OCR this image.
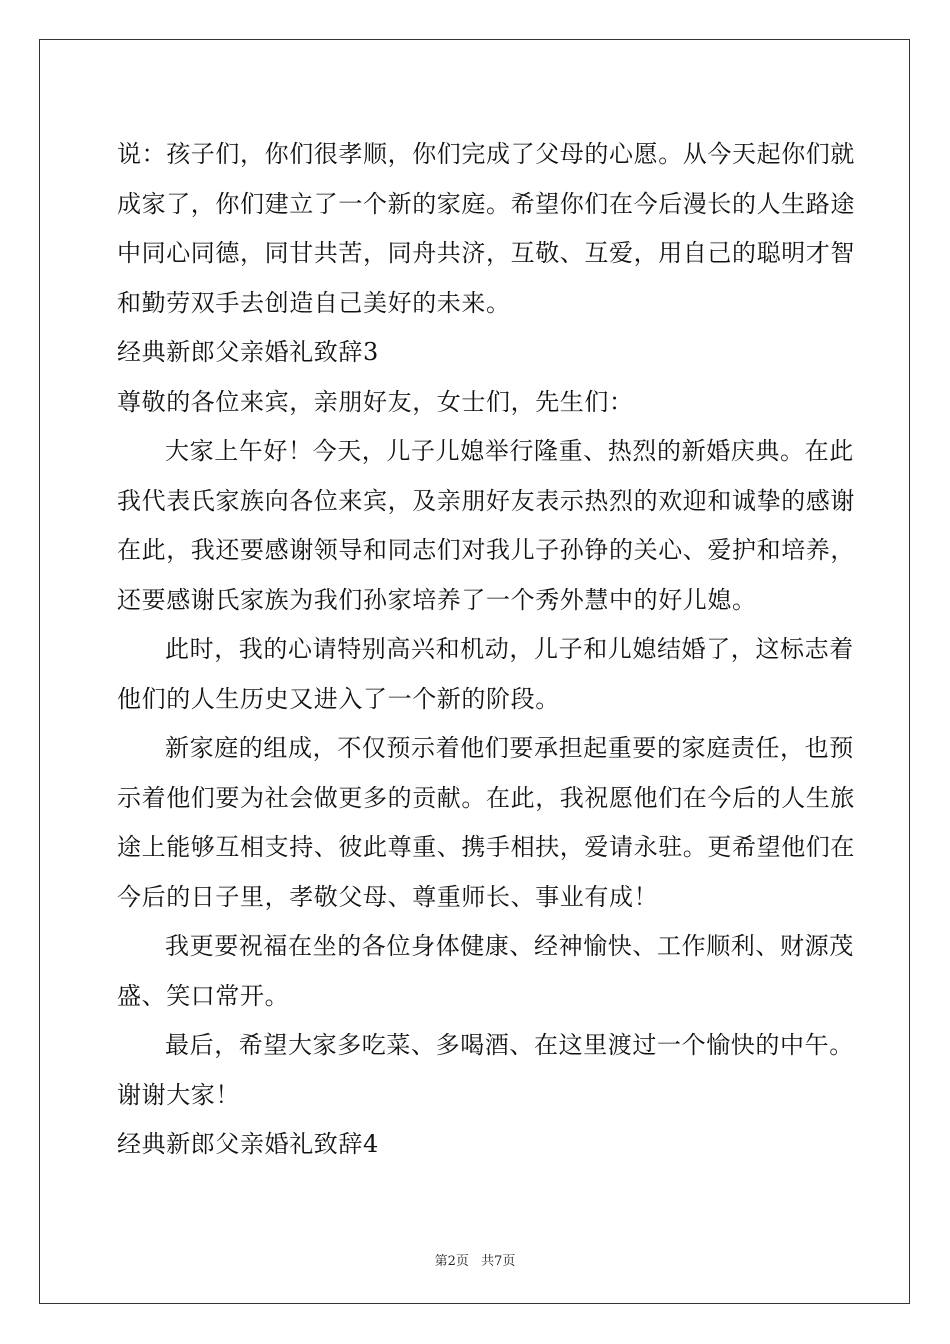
说：孩子们，你们很孝顺，你们完成了父母的心愿。从今天起你们就
成家了，你们建立了一个新的家庭。希望你们在今后漫长的人生路途
中同心同德，同甘共苦，同舟共济，互敬、互爱，用自己的聪明才智
和勤劳双手去创造自己美好的未来。
经典新郎父亲婚礼致辞3
尊敬的各位来宾，亲朋好友，女士们，先生们：
大家上午好！今天，儿子儿媳举行隆重、热烈的新婚庆典。在此
我代表氏家族向各位来宾，及亲朋好友表示热烈的欢迎和诚挚的感谢
在此，我还要感谢领导和同志们对我儿子孙铮的关心、爱护和培养，
还要感谢氏家族为我们孙家培养了一个秀外慧中的好儿媳。
此时，我的心请特别高兴和机动，儿子和儿媳结婚了，这标志着
他们的人生历史又进入了一个新的阶段。
新家庭的组成，不仅预示着他们要承担起重要的家庭责任，也预
示着他们要为社会做更多的贡献。在此，我祝愿他们在今后的人生旅
途上能够互相支持、彼此尊重、携手相扶，爱请永驻。更希望他们在
今后的日子里，孝敬父母、尊重师长、事业有成！
我更要祝福在坐的各位身体健康、经神愉快、工作顺利、财源茂
盛、笑口常开。
最后，希望大家多吃菜、多喝酒、在这里渡过一个愉快的中午。
谢谢大家！
经典新郎父亲婚礼致辞4
第2页 共7页
